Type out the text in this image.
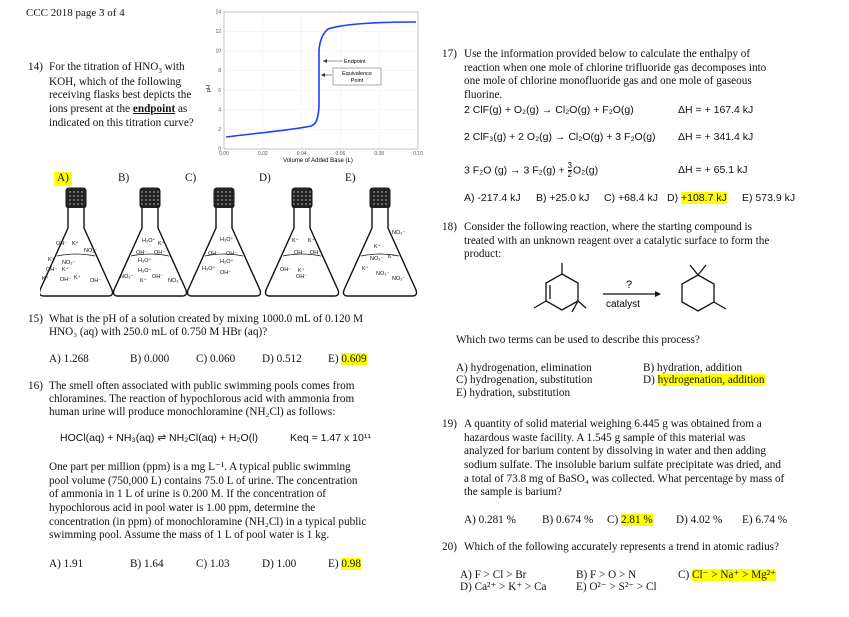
CCC 2018 page 3 of 4
14) For the titration of $HNO_3$ with KOH, which of the following receiving flasks best depicts the ions present at the endpoint as indicated on this titration curve?
14
12
10
8
6
4
2
0
0.00	0.02	0.04	0.06	0.08	0.10
Endpoint
Equivalence
Point
pH
Volume of Added Base (L)
A)	B)	C)	D)	E)
OH⁻ K⁺
NO₃⁻
K⁺ NO₃⁻
OH⁻ K⁺
K⁺ OH⁻ K⁺ OH⁻
H₃O⁺ K⁺
OH⁻ OH⁻
H₃O⁺
H₃O⁺
NO₃⁻
K⁺
OH⁻
NO₃⁻
H₃O⁺
OH⁻ OH⁻
H₃O⁺
H₃O⁺
OH⁻
K⁺ K⁺
OH⁻ OH⁻
OH⁻ K⁺
OH⁻
NO₃⁻
K⁺
NO₃⁻ K⁺
K⁺
NO₃⁻
NO₃⁻
15) What is the pH of a solution created by mixing 1000.0 mL of 0.120 M
HNO₃ (aq) with 250.0 mL of 0.750 M HBr (aq)?
A) 1.268	B) 0.000 C) 0.060 D) 0.512 E) 0.609
16) The smell often associated with public swimming pools comes from
chloramines. The reaction of hypochlorous acid with ammonia from
human urine will produce monochloramine (NH₂Cl) as follows:
HOCl(aq) + NH₃(aq) ⇌ NH₂Cl(aq) + H₂O(l)	Keq = 1.47 x 10¹¹
One part per million (ppm) is a mg L⁻¹. A typical public swimming
pool volume (750,000 L) contains 75.0 L of urine. The concentration
of ammonia in 1 L of urine is 0.200 M. If the concentration of
hypochlorous acid in pool water is 1.00 ppm, determine the
concentration (in ppm) of monochloramine (NH₂Cl) in a typical public
swimming pool. Assume the mass of 1 L of pool water is 1 kg.
A) 1.91	B) 1.64	C) 1.03	D) 1.00	E) 0.98
17) Use the information provided below to calculate the enthalpy of
reaction when one mole of chlorine trifluoride gas decomposes into
one mole of chlorine monofluoride gas and one mole of gaseous
fluorine.
2 ClF(g) + O₂(g) → Cl₂O(g) + F₂O(g)	ΔH = + 167.4 kJ
2 ClF₃(g) + 2 O₂(g) → Cl₂O(g) + 3 F₂O(g) ΔH = + 341.4 kJ
3 F₂O (g) → 3 $F_2(g) + \frac{3}{2} O_2(g)$	ΔH = + 65.1 kJ
A) -217.4 kJ B) +25.0 kJ C) +68.4 kJ D) +108.7 kJ E) 573.9 kJ
18) Consider the following reaction, where the starting compound is
treated with an unknown reagent over a catalytic surface to form the
product:
?
catalyst
Which two terms can be used to describe this process?
A) hydrogenation, elimination	B) hydration, addition
C) hydrogenation, substitution	D) hydrogenation, addition
E) hydration, substitution
19) A quantity of solid material weighing 6.445 g was obtained from a
hazardous waste facility. A 1.545 g sample of this material was
analyzed for barium content by dissolving in water and then adding
sodium sulfate. The insoluble barium sulfate precipitate was dried, and
a total of 73.8 mg of BaSO₄ was collected. What percentage by mass of
the sample is barium?
A) 0.281 % B) 0.674 % C) 2.81 % D) 4.02 % E) 6.74 %
20) Which of the following accurately represents a trend in atomic radius?
A) F > Cl > Br	B) F > O > N	C) Cl⁻ > Na⁺ > Mg²⁺
D) Ca²⁺ > K⁺ > Ca	E) O²⁻ > S²⁻ > Cl
